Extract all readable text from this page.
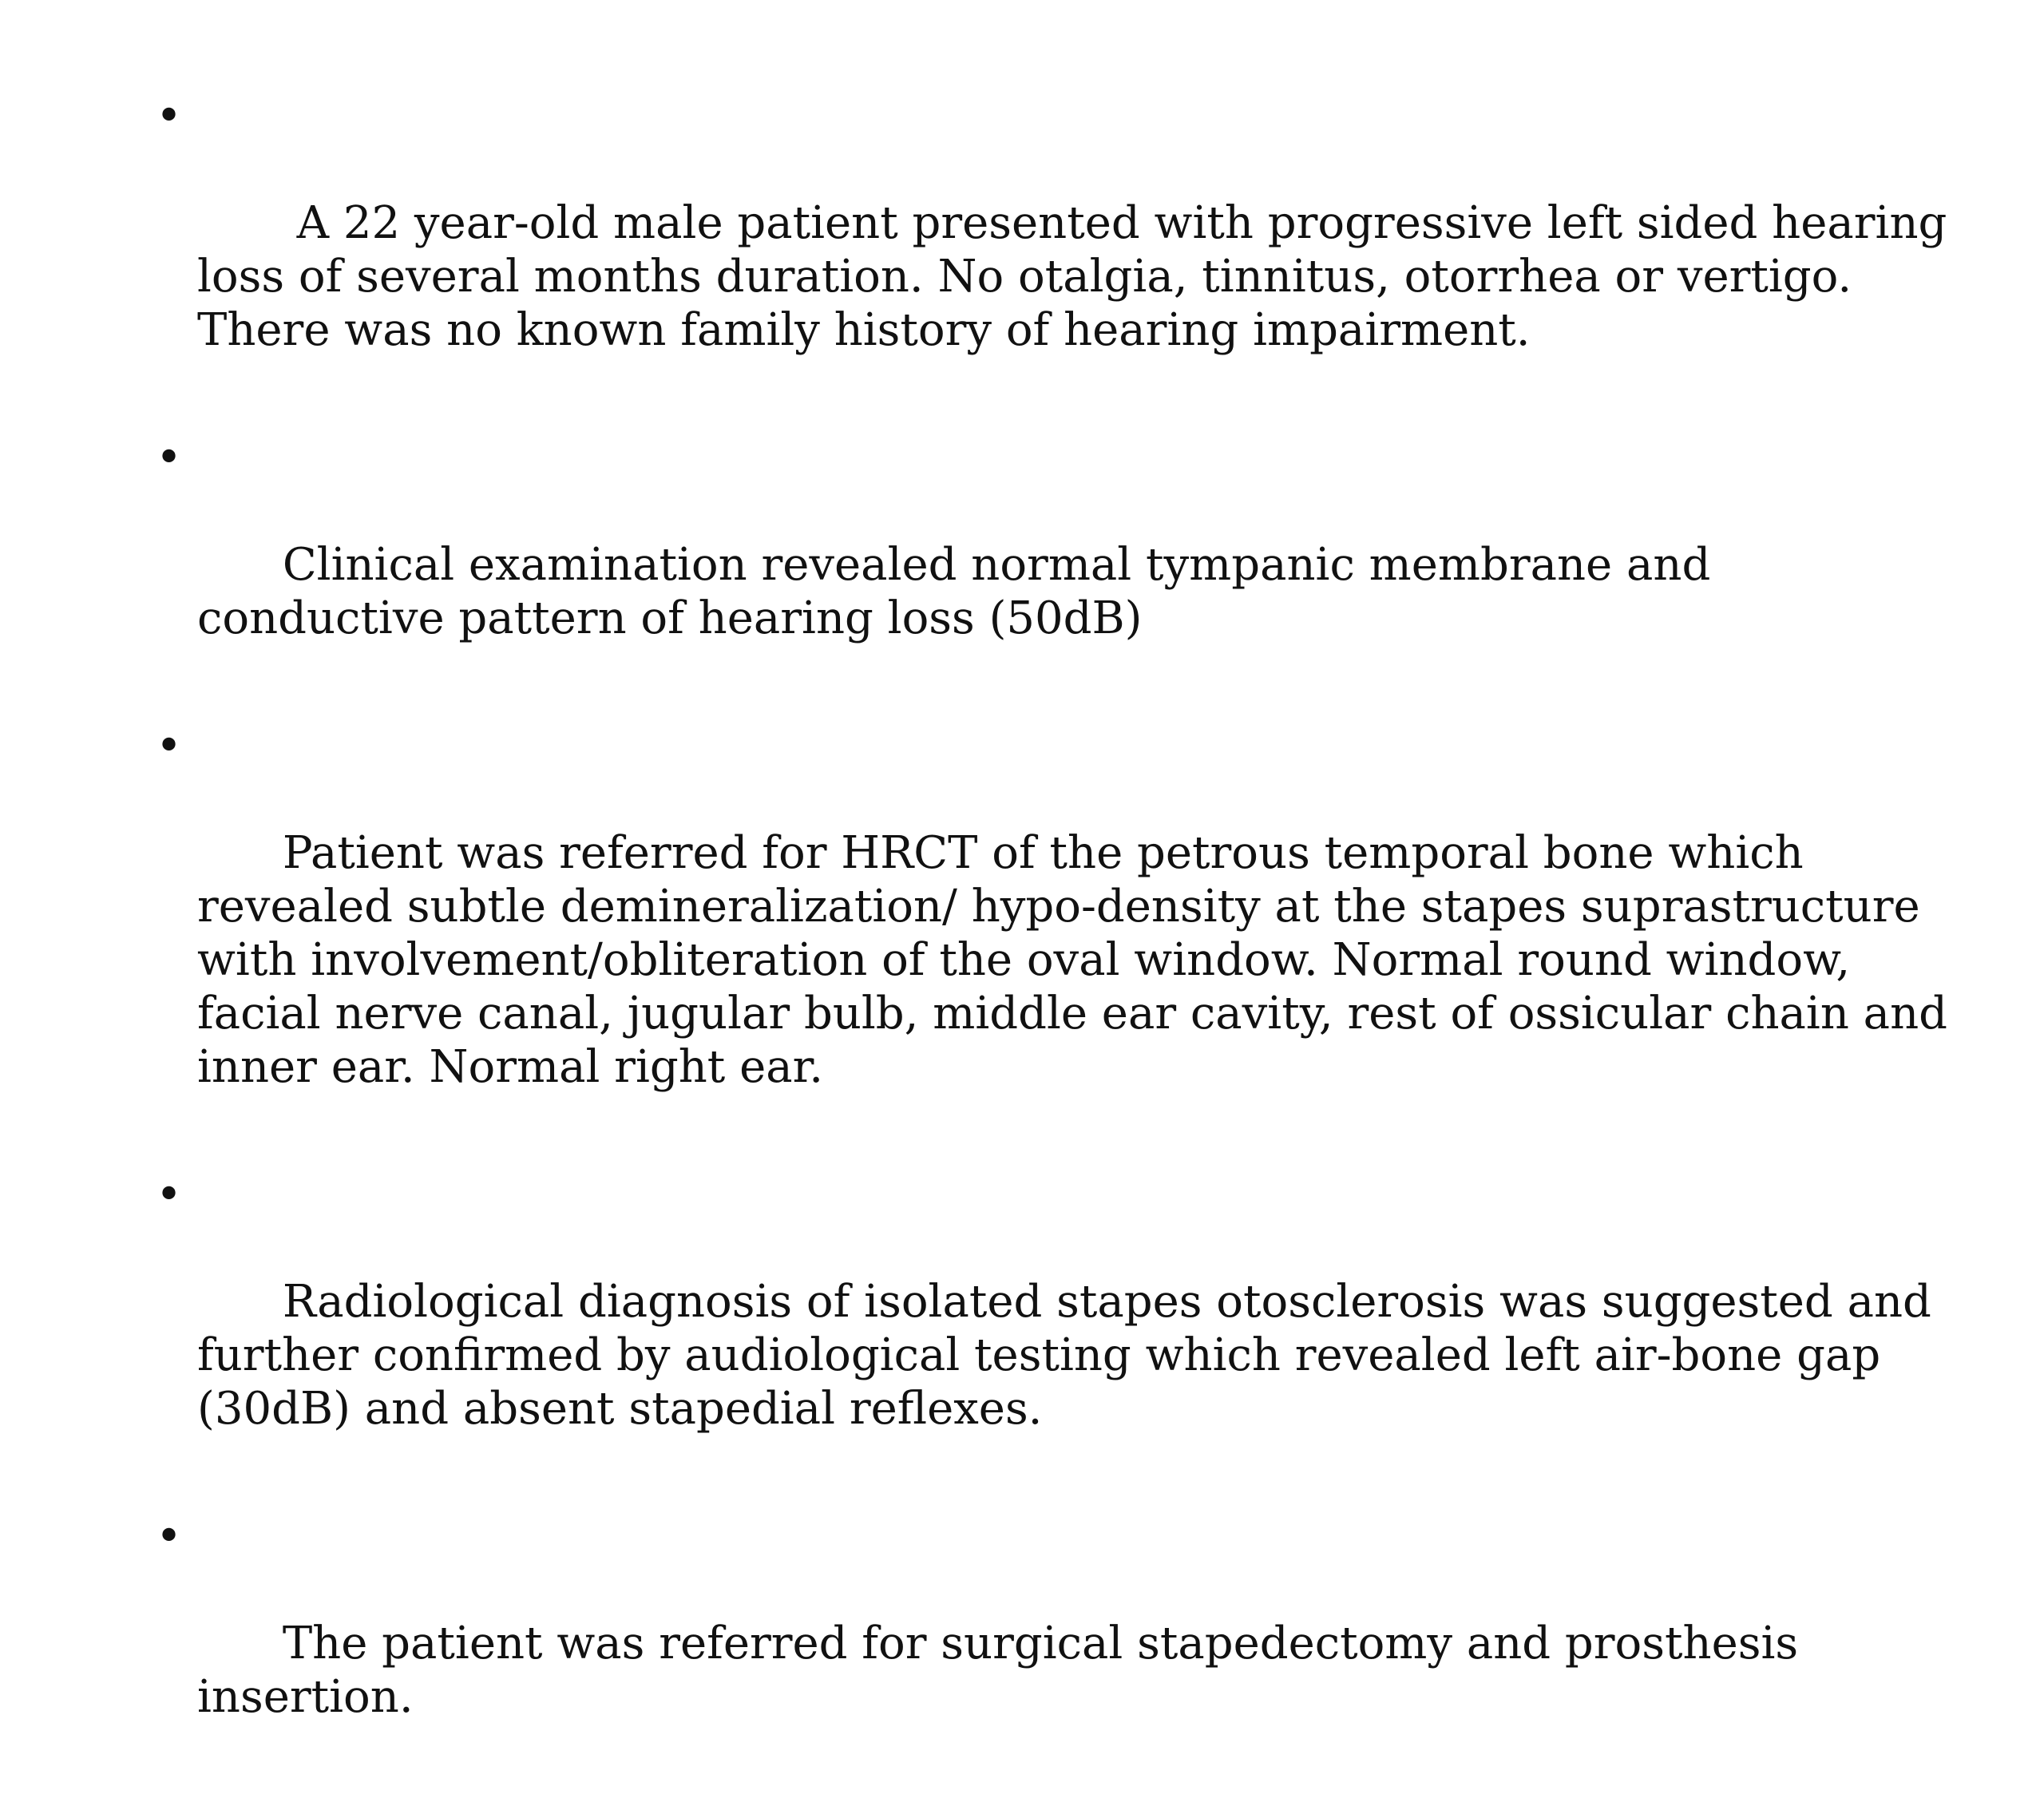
•

A 22 year-old male patient presented with progressive left sided hearing loss of several months duration. No otalgia, tinnitus, otorrhea or vertigo. There was no known family history of hearing impairment.

•

Clinical examination revealed normal tympanic membrane and conductive pattern of hearing loss (50dB)

•

Patient was referred for HRCT of the petrous temporal bone which revealed subtle demineralization/ hypo-density at the stapes suprastructure with involvement/obliteration of the oval window. Normal round window, facial nerve canal, jugular bulb, middle ear cavity, rest of ossicular chain and inner ear. Normal right ear.

•

Radiological diagnosis of isolated stapes otosclerosis was suggested and further confirmed by audiological testing which revealed left air-bone gap (30dB) and absent stapedial reflexes.

•

The patient was referred for surgical stapedectomy and prosthesis insertion.
